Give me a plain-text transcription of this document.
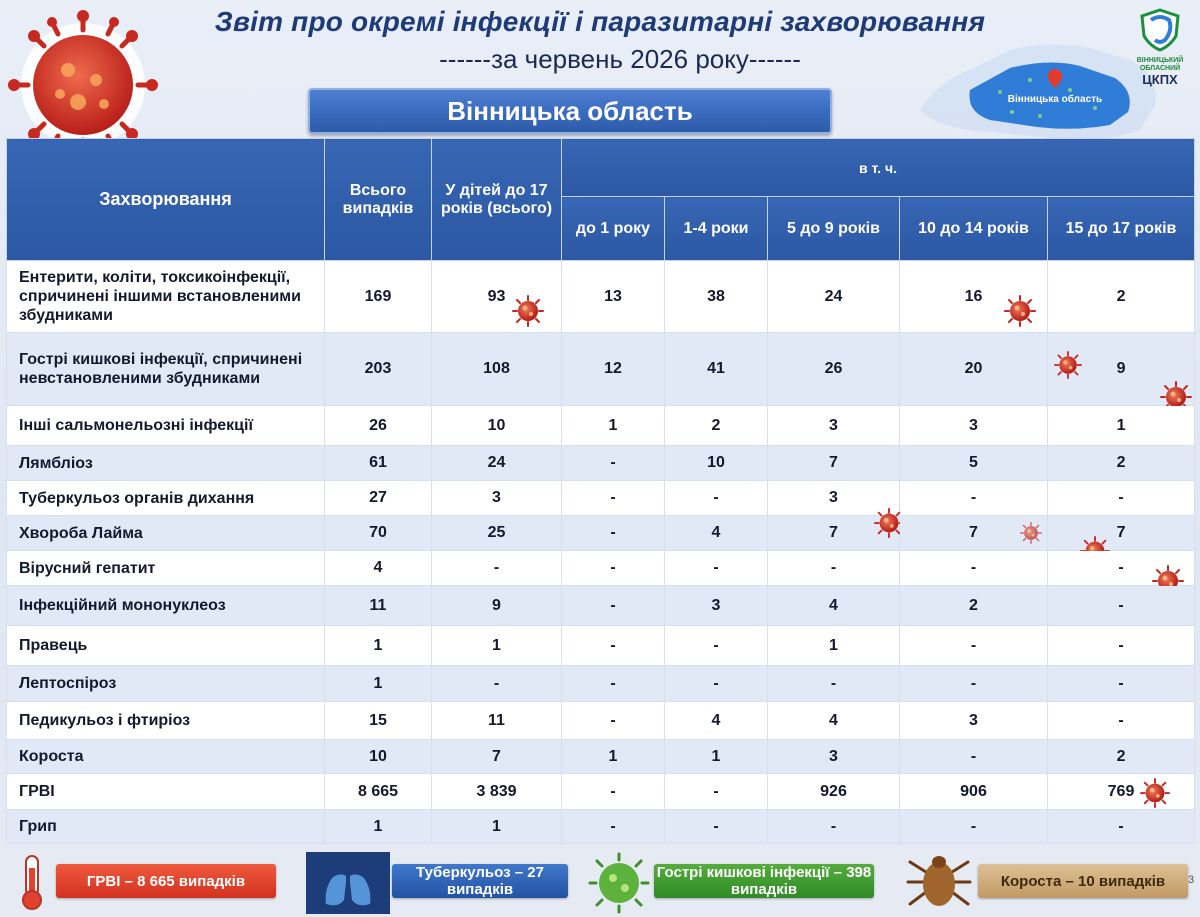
Звіт про окремі інфекції і паразитарні захворювання
------за червень 2026 року------
Вінницька область	Вінницька область
ВІННИЦЬКИЙ
ОБЛАСНИЙ
ЦКПХ
Захворювання	Всього випадків	У дітей до 17 років (всього)	в т. ч.				
			до 1 року	1-4 роки	5 до 9 років	10 до 14 років	15 до 17 років
Ентерити, коліти, токсикоінфекції, спричинені іншими встановленими збудниками	169	93	13	38	24	16	2
Гострі кишкові інфекції, спричинені невстановленими збудниками	203	108	12	41	26	20	9

Інші сальмонельозні інфекції	26	10	1	2	3	3	1
Лямбліоз	61	24	-	10	7	5	2
Туберкульоз органів дихання	27	3	-	-	3	-	-
Хвороба Лайма	70	25	-	4	7	7	7

Вірусний гепатит	4	-	-	-	-	-	-

Інфекційний мононуклеоз	11	9	-	3	4	2	-
Правець	1	1	-	-	1	-	-
Лептоспіроз	1	-	-	-	-	-	-
Педикульоз і фтиріоз	15	11	-	4	4	3	-
Короста	10	7	1	1	3	-	2
ГРВІ	8 665	3 839	-	-	926	906	769

Грип	1	1	-	-	-	-	-
ГРВІ – 8 665 випадків	Туберкульоз – 27 випадків
Гострі кишкові інфекції – 398 випадків	Короста – 10 випадків	3
